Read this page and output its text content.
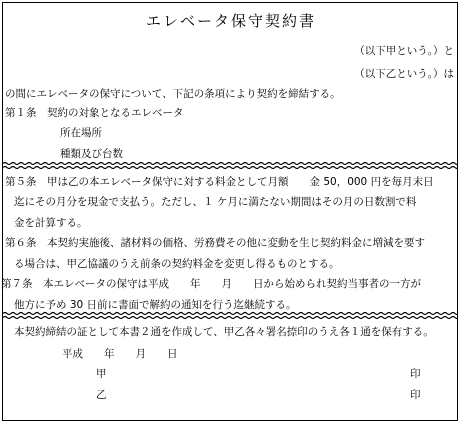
エレベータ保守契約書
（以下甲という。）と
（以下乙という。）は
の間にエレベータの保守について、下記の条項により契約を締結する。
第１条　契約の対象となるエレベータ
所在場所
種類及び台数
第５条　甲は乙の本エレベータ保守に対する料金として月額　　金 50，000 円を毎月末日
迄にその月分を現金で支払う。ただし、１ ケ月に満たない期間はその月の日数割で料
金を計算する。
第６条　本契約実施後、諸材料の価格、労務費その他に変動を生じ契約料金に増減を要す
る場合は、甲乙協議のうえ前条の契約料金を変更し得るものとする。
第７条　本エレベータの保守は平成　　年　　月　　日から始められ契約当事者の一方が
他方に予め 30 日前に書面で解約の通知を行う迄継続する。
本契約締結の証として本書２通を作成して、甲乙各々署名捺印のうえ各１通を保有する。
平成　　年　　月　　日
甲	印
乙	印
